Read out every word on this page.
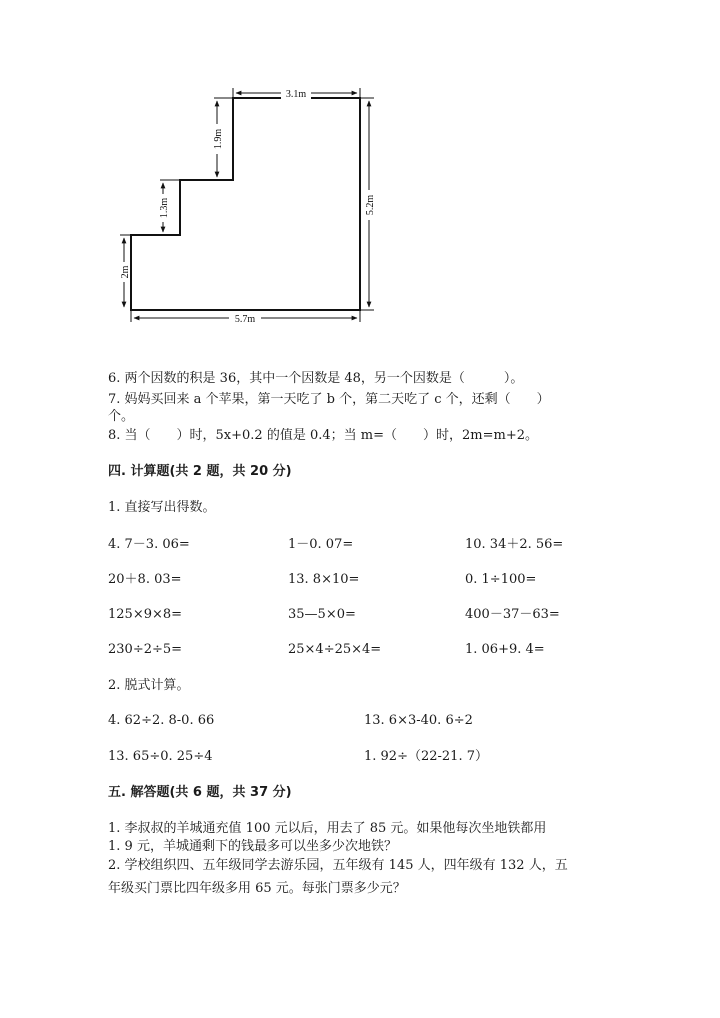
3.1m
1.9m
1.3m
2m
5.2m
5.7m
6. 两个因数的积是 36，其中一个因数是 48，另一个因数是（　　　）。
7. 妈妈买回来 a 个苹果，第一天吃了 b 个，第二天吃了 c 个，还剩（　　）
个。
8. 当（　　）时，5x+0.2 的值是 0.4；当 m=（　　）时，2m=m+2。
四. 计算题(共 2 题，共 20 分)
1. 直接写出得数。
4. 7－3. 06=	1－0. 07=	10. 34＋2. 56=
20＋8. 03=	13. 8×10=	0. 1÷100=
125×9×8=	35—5×0=	400－37－63=
230÷2÷5=	25×4÷25×4=	1. 06+9. 4=
2. 脱式计算。
4. 62÷2. 8-0. 66	13. 6×3-40. 6÷2
13. 65÷0. 25÷4	1. 92÷（22-21. 7）
五. 解答题(共 6 题，共 37 分)
1. 李叔叔的羊城通充值 100 元以后，用去了 85 元。如果他每次坐地铁都用
1. 9 元，羊城通剩下的钱最多可以坐多少次地铁？
2. 学校组织四、五年级同学去游乐园，五年级有 145 人，四年级有 132 人，五
年级买门票比四年级多用 65 元。每张门票多少元？
